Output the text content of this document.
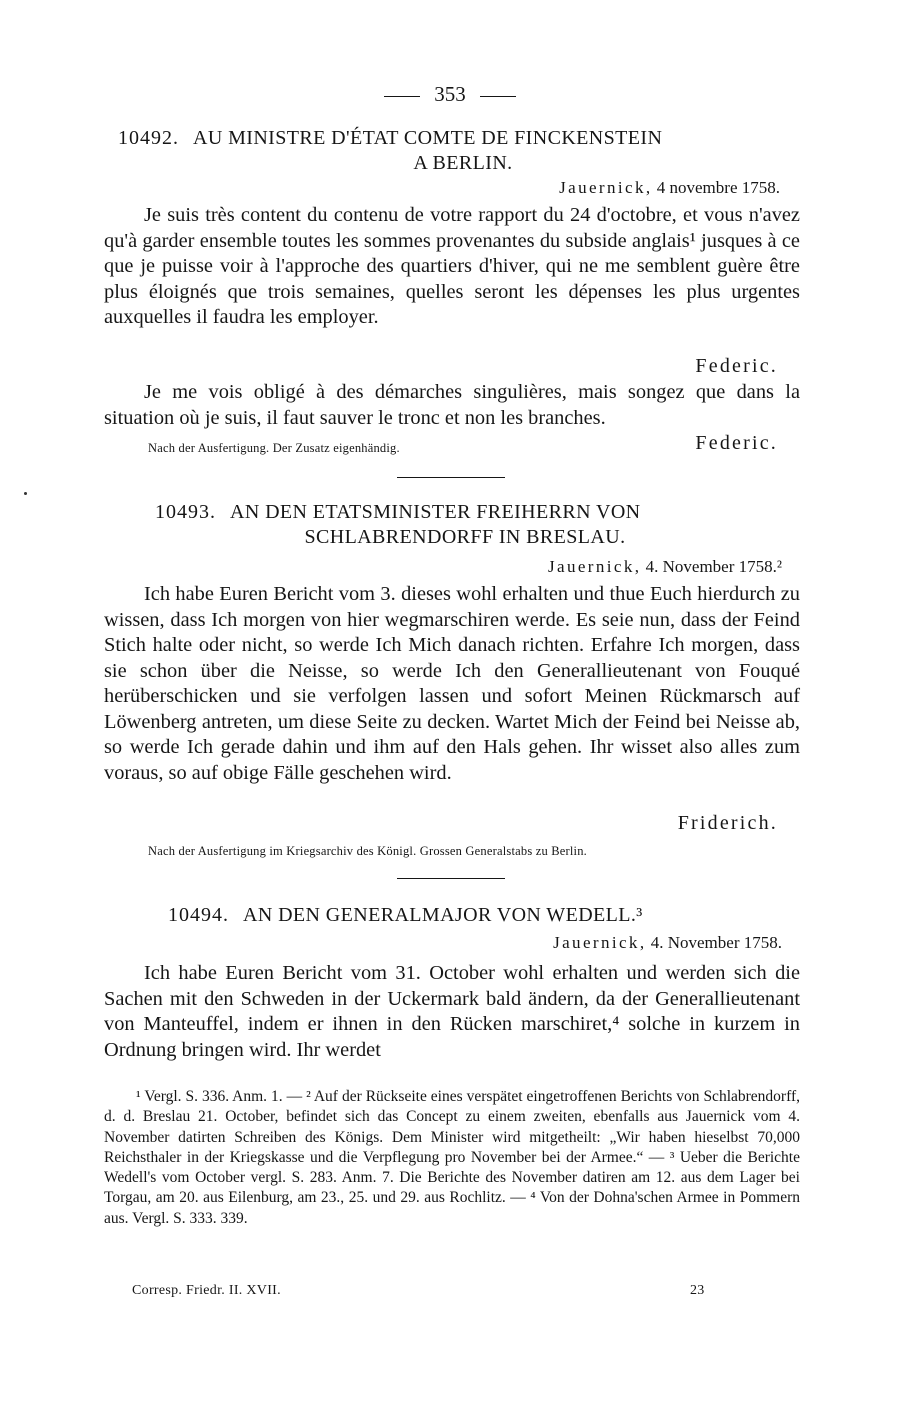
353
10492. AU MINISTRE D'ÉTAT COMTE DE FINCKENSTEIN
A BERLIN.
Jauernick, 4 novembre 1758.
Je suis très content du contenu de votre rapport du 24 d'octobre, et vous n'avez qu'à garder ensemble toutes les sommes provenantes du subside anglais¹ jusques à ce que je puisse voir à l'approche des quartiers d'hiver, qui ne me semblent guère être plus éloignés que trois semaines, quelles seront les dépenses les plus urgentes auxquelles il faudra les employer.
Federic.
Je me vois obligé à des démarches singulières, mais songez que dans la situation où je suis, il faut sauver le tronc et non les branches.
Nach der Ausfertigung. Der Zusatz eigenhändig.	Federic.
10493. AN DEN ETATSMINISTER FREIHERRN VON
SCHLABRENDORFF IN BRESLAU.
Jauernick, 4. November 1758.²
Ich habe Euren Bericht vom 3. dieses wohl erhalten und thue Euch hierdurch zu wissen, dass Ich morgen von hier wegmarschiren werde. Es seie nun, dass der Feind Stich halte oder nicht, so werde Ich Mich danach richten. Erfahre Ich morgen, dass sie schon über die Neisse, so werde Ich den Generallieutenant von Fouqué herüberschicken und sie verfolgen lassen und sofort Meinen Rückmarsch auf Löwenberg antreten, um diese Seite zu decken. Wartet Mich der Feind bei Neisse ab, so werde Ich gerade dahin und ihm auf den Hals gehen. Ihr wisset also alles zum voraus, so auf obige Fälle geschehen wird.
Friderich.
Nach der Ausfertigung im Kriegsarchiv des Königl. Grossen Generalstabs zu Berlin.
10494. AN DEN GENERALMAJOR VON WEDELL.³
Jauernick, 4. November 1758.
Ich habe Euren Bericht vom 31. October wohl erhalten und werden sich die Sachen mit den Schweden in der Uckermark bald ändern, da der Generallieutenant von Manteuffel, indem er ihnen in den Rücken marschiret,⁴ solche in kurzem in Ordnung bringen wird. Ihr werdet
¹ Vergl. S. 336. Anm. 1. — ² Auf der Rückseite eines verspätet eingetroffenen Berichts von Schlabrendorff, d. d. Breslau 21. October, befindet sich das Concept zu einem zweiten, ebenfalls aus Jauernick vom 4. November datirten Schreiben des Königs. Dem Minister wird mitgetheilt: „Wir haben hieselbst 70,000 Reichsthaler in der Kriegskasse und die Verpflegung pro November bei der Armee.“ — ³ Ueber die Berichte Wedell's vom October vergl. S. 283. Anm. 7. Die Berichte des November datiren am 12. aus dem Lager bei Torgau, am 20. aus Eilenburg, am 23., 25. und 29. aus Rochlitz. — ⁴ Von der Dohna'schen Armee in Pommern aus. Vergl. S. 333. 339.
Corresp. Friedr. II. XVII.	23
